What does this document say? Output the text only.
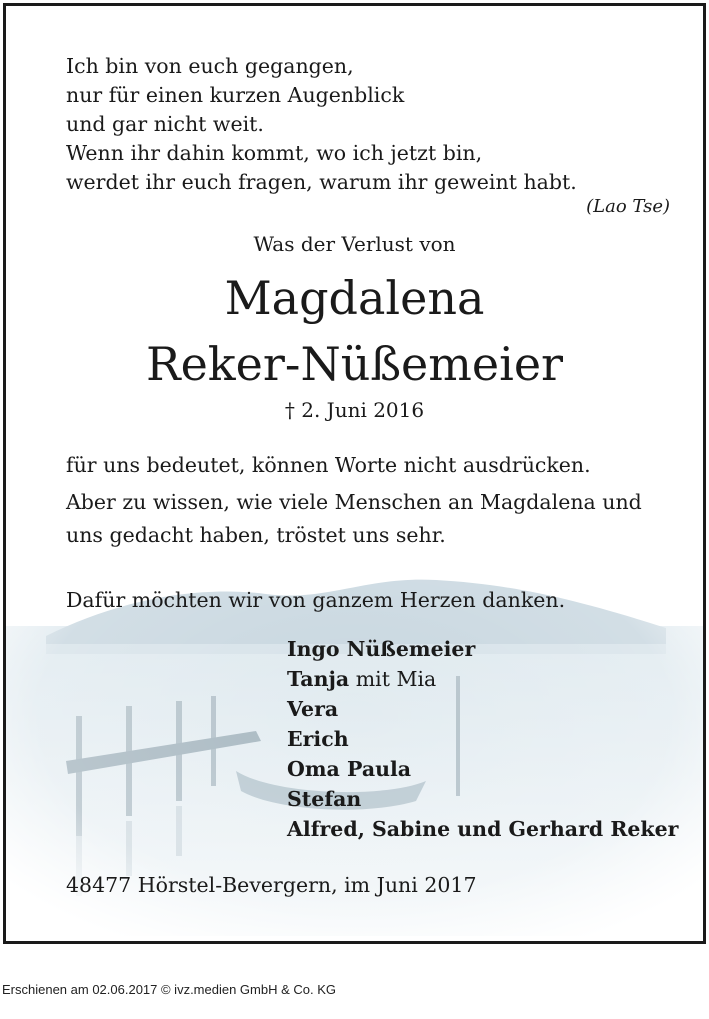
Ich bin von euch gegangen,
nur für einen kurzen Augenblick
und gar nicht weit.
Wenn ihr dahin kommt, wo ich jetzt bin,
werdet ihr euch fragen, warum ihr geweint habt.
(Lao Tse)
Was der Verlust von
Magdalena
Reker-Nüßemeier
† 2. Juni 2016
für uns bedeutet, können Worte nicht ausdrücken.
Aber zu wissen, wie viele Menschen an Magdalena und
uns gedacht haben, tröstet uns sehr.
Dafür möchten wir von ganzem Herzen danken.
Ingo Nüßemeier
Tanja mit Mia
Vera
Erich
Oma Paula
Stefan
Alfred, Sabine und Gerhard Reker
48477 Hörstel-Bevergern, im Juni 2017
Erschienen am 02.06.2017 © ivz.medien GmbH & Co. KG
